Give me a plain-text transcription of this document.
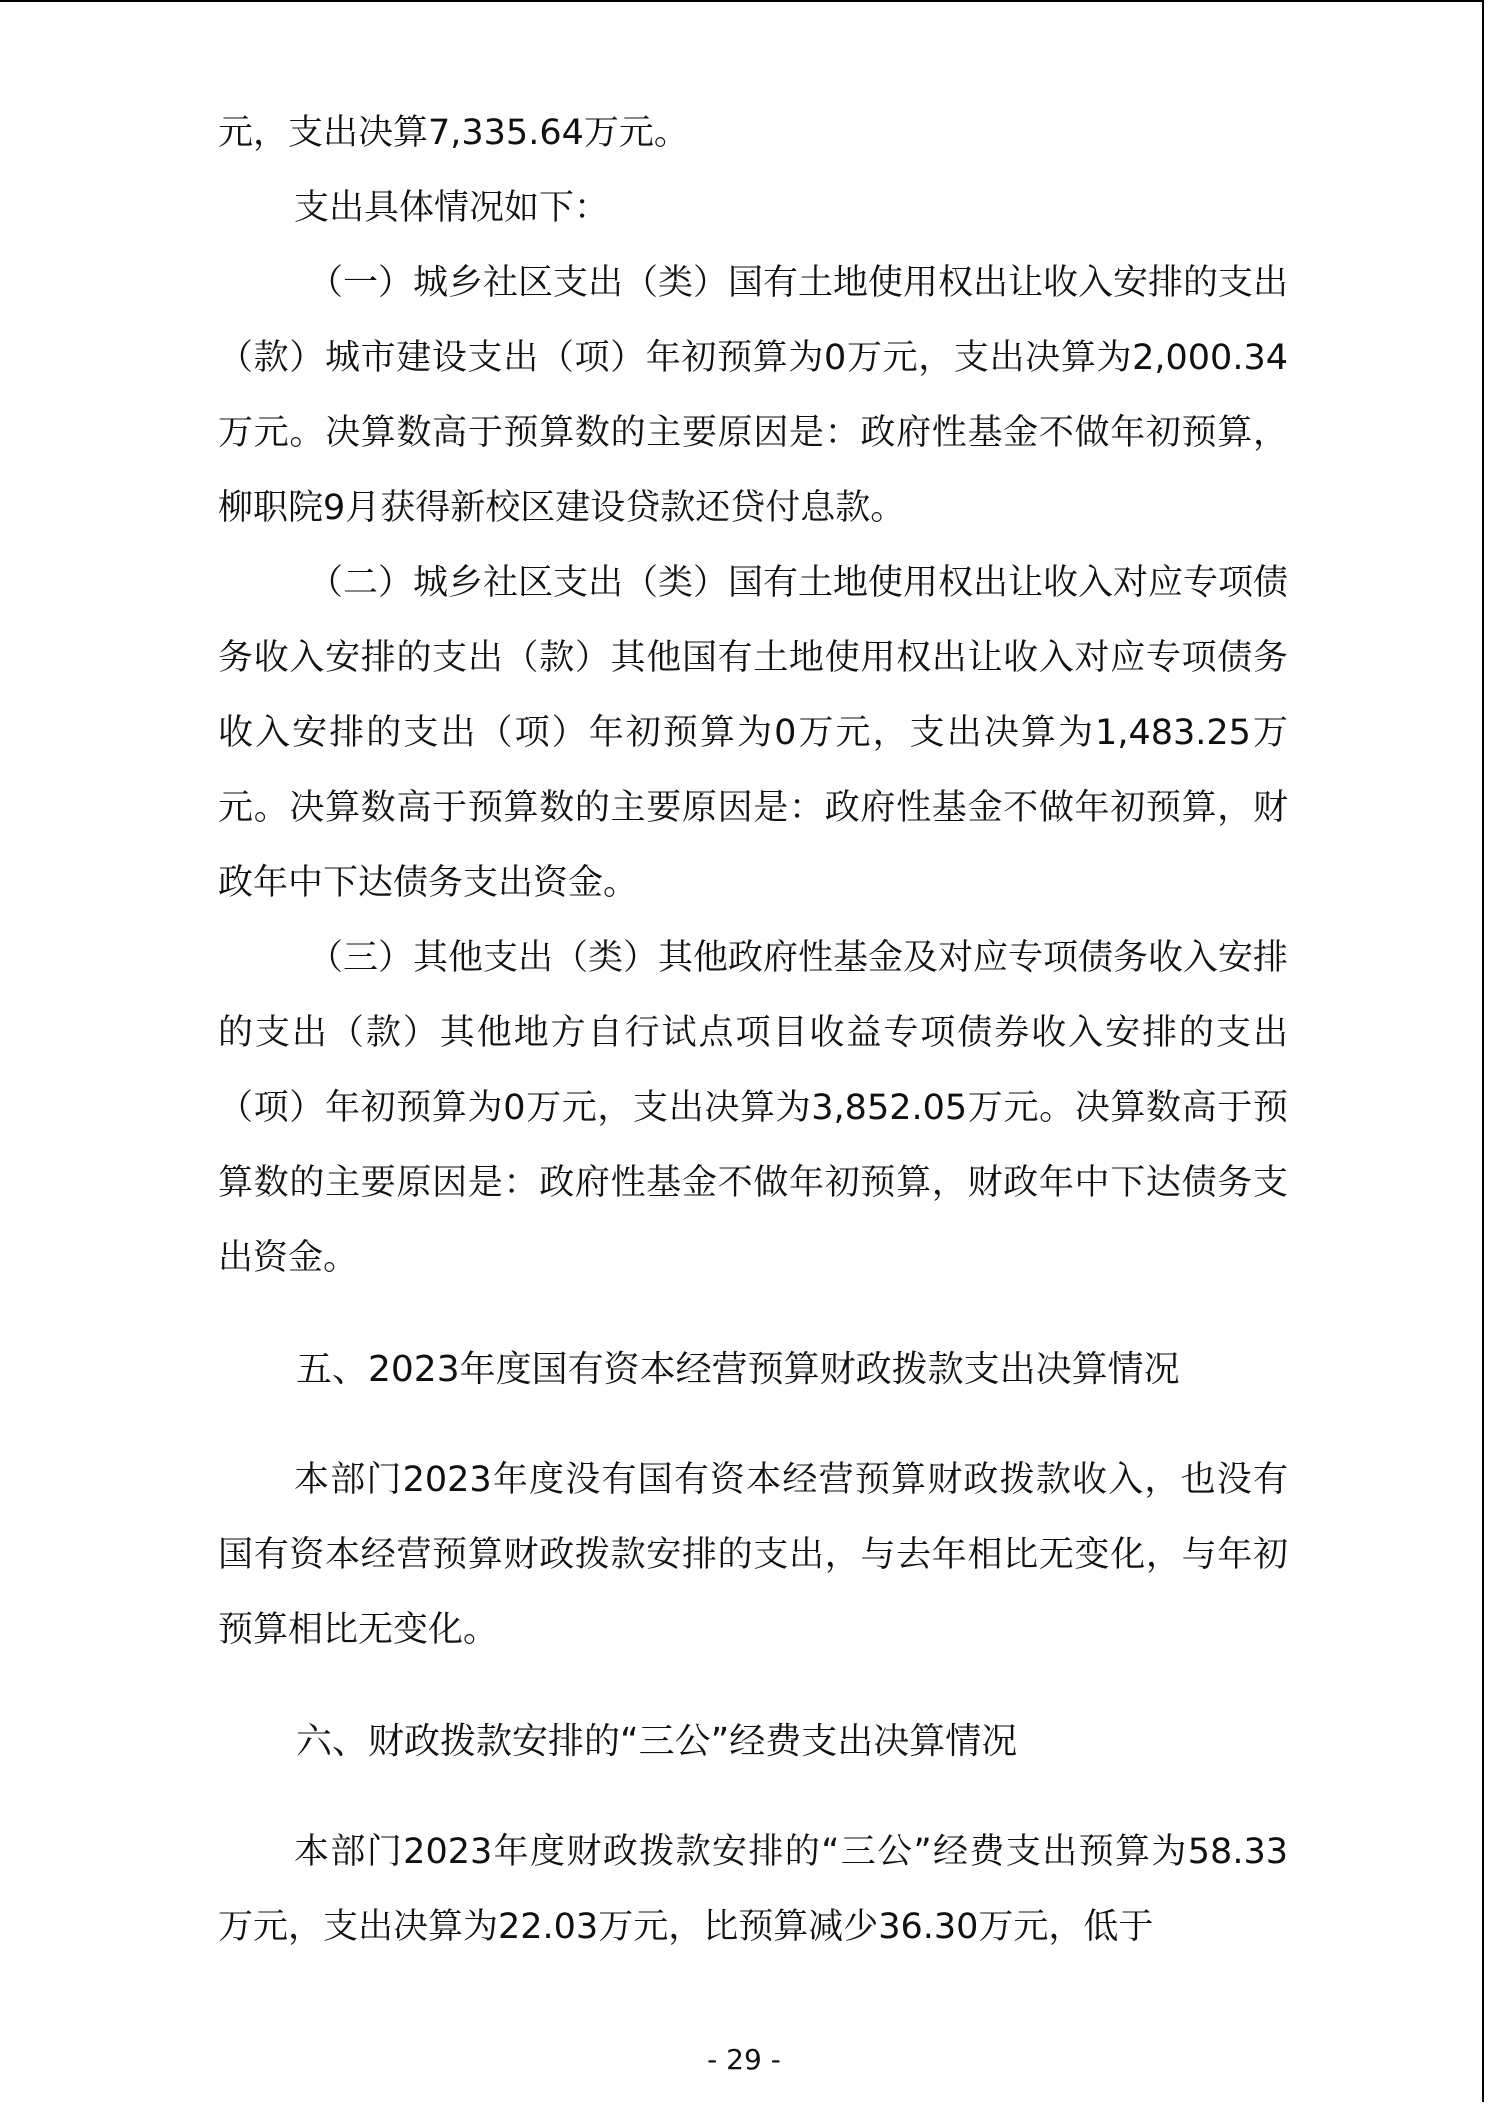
元，支出决算7,335.64万元。

支出具体情况如下：

（一）城乡社区支出（类）国有土地使用权出让收入安排的支出（款）城市建设支出（项）年初预算为0万元，支出决算为2,000.34万元。决算数高于预算数的主要原因是：政府性基金不做年初预算，柳职院9月获得新校区建设贷款还贷付息款。

（二）城乡社区支出（类）国有土地使用权出让收入对应专项债务收入安排的支出（款）其他国有土地使用权出让收入对应专项债务收入安排的支出（项）年初预算为0万元，支出决算为1,483.25万元。决算数高于预算数的主要原因是：政府性基金不做年初预算，财政年中下达债务支出资金。

（三）其他支出（类）其他政府性基金及对应专项债务收入安排的支出（款）其他地方自行试点项目收益专项债券收入安排的支出（项）年初预算为0万元，支出决算为3,852.05万元。决算数高于预算数的主要原因是：政府性基金不做年初预算，财政年中下达债务支出资金。

五、2023年度国有资本经营预算财政拨款支出决算情况

本部门2023年度没有国有资本经营预算财政拨款收入，也没有国有资本经营预算财政拨款安排的支出，与去年相比无变化，与年初预算相比无变化。

六、财政拨款安排的“三公”经费支出决算情况

本部门2023年度财政拨款安排的“三公”经费支出预算为58.33万元，支出决算为22.03万元，比预算减少36.30万元，低于

- 29 -
